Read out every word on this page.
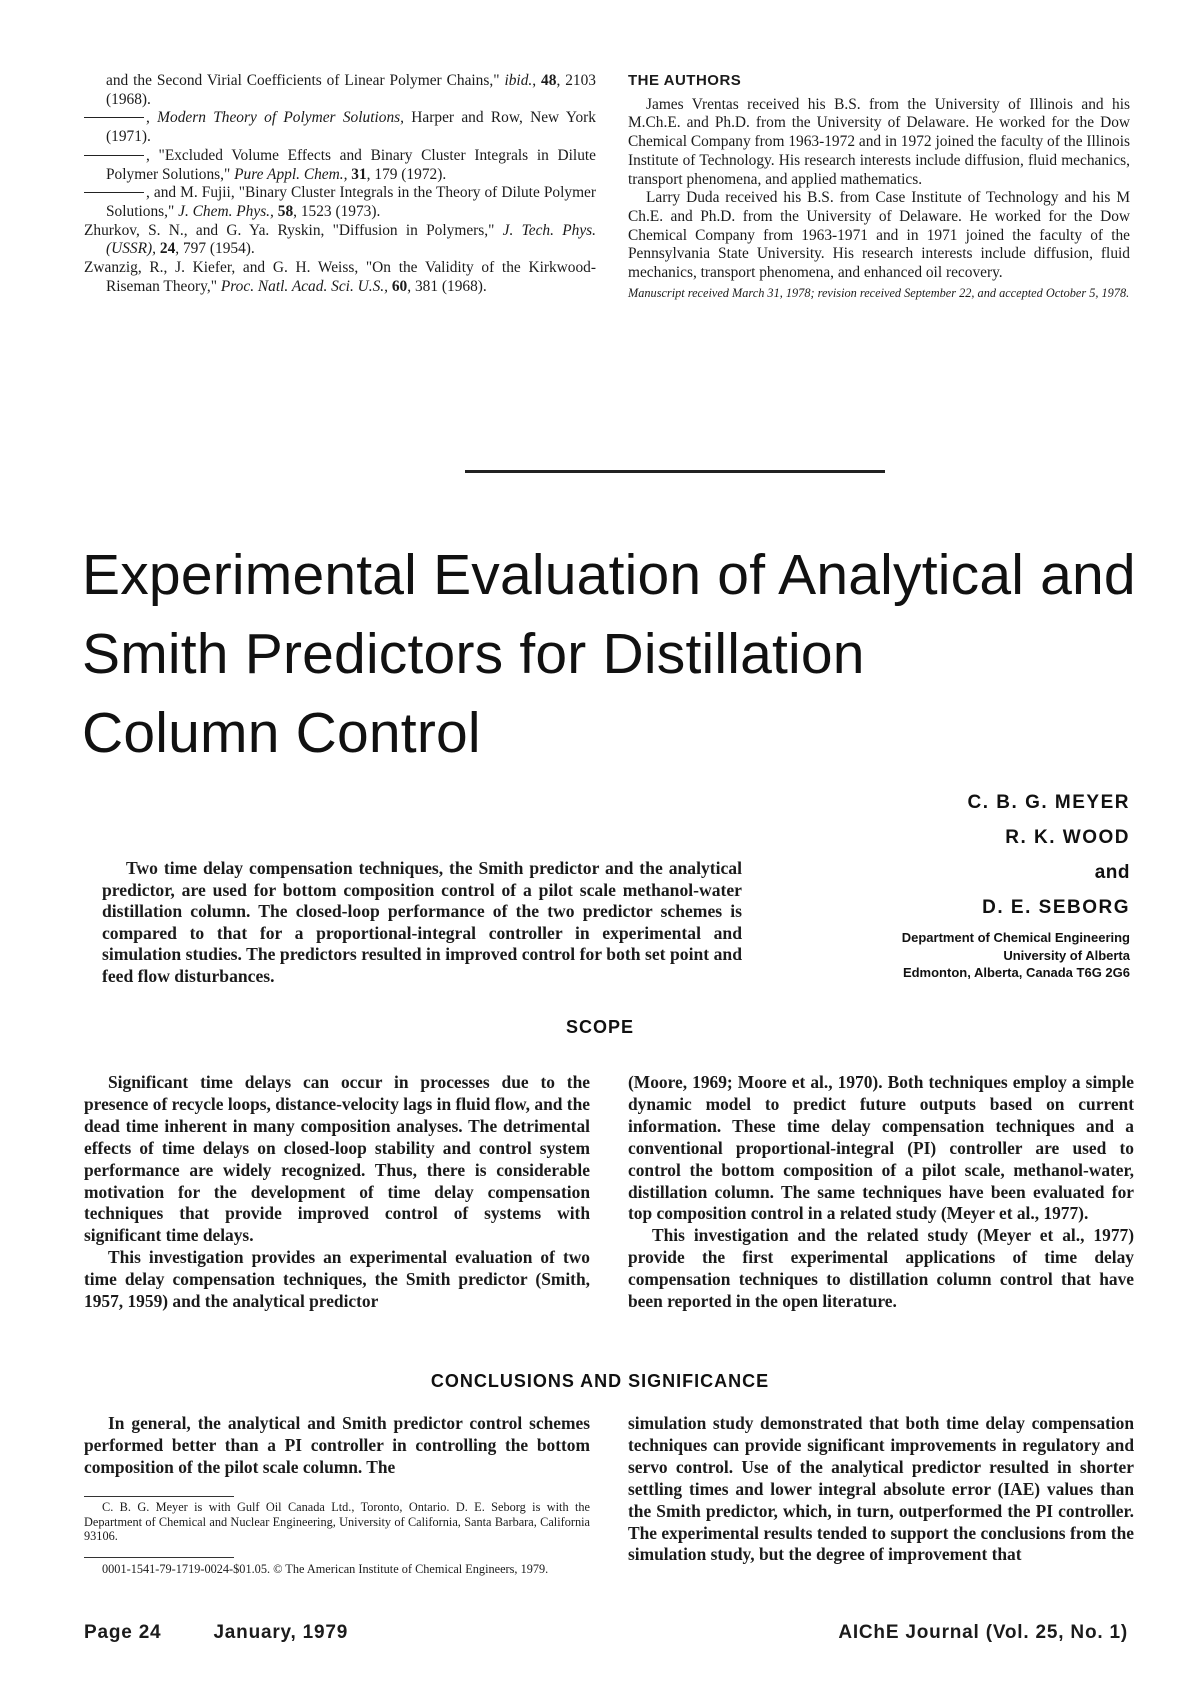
and the Second Virial Coefficients of Linear Polymer Chains," ibid., 48, 2103 (1968).

, Modern Theory of Polymer Solutions, Harper and Row, New York (1971).

, "Excluded Volume Effects and Binary Cluster Integrals in Dilute Polymer Solutions," Pure Appl. Chem., 31, 179 (1972).

, and M. Fujii, "Binary Cluster Integrals in the Theory of Dilute Polymer Solutions," J. Chem. Phys., 58, 1523 (1973).

Zhurkov, S. N., and G. Ya. Ryskin, "Diffusion in Polymers," J. Tech. Phys. (USSR), 24, 797 (1954).

Zwanzig, R., J. Kiefer, and G. H. Weiss, "On the Validity of the Kirkwood-Riseman Theory," Proc. Natl. Acad. Sci. U.S., 60, 381 (1968).

THE AUTHORS

James Vrentas received his B.S. from the University of Illinois and his M.Ch.E. and Ph.D. from the University of Delaware. He worked for the Dow Chemical Company from 1963-1972 and in 1972 joined the faculty of the Illinois Institute of Technology. His research interests include diffusion, fluid mechanics, transport phenomena, and applied mathematics.

Larry Duda received his B.S. from Case Institute of Technology and his M Ch.E. and Ph.D. from the University of Delaware. He worked for the Dow Chemical Company from 1963-1971 and in 1971 joined the faculty of the Pennsylvania State University. His research interests include diffusion, fluid mechanics, transport phenomena, and enhanced oil recovery.

Manuscript received March 31, 1978; revision received September 22, and accepted October 5, 1978.

Experimental Evaluation of Analytical and
Smith Predictors for Distillation
Column Control
C. B. G. MEYER
R. K. WOOD
and
D. E. SEBORG
Department of Chemical Engineering
University of Alberta
Edmonton, Alberta, Canada T6G 2G6

Two time delay compensation techniques, the Smith predictor and the analytical predictor, are used for bottom composition control of a pilot scale methanol-water distillation column. The closed-loop performance of the two predictor schemes is compared to that for a proportional-integral controller in experimental and simulation studies. The predictors resulted in improved control for both set point and feed flow disturbances.

SCOPE

Significant time delays can occur in processes due to the presence of recycle loops, distance-velocity lags in fluid flow, and the dead time inherent in many composition analyses. The detrimental effects of time delays on closed-loop stability and control system performance are widely recognized. Thus, there is considerable motivation for the development of time delay compensation techniques that provide improved control of systems with significant time delays.

This investigation provides an experimental evaluation of two time delay compensation techniques, the Smith predictor (Smith, 1957, 1959) and the analytical predictor

(Moore, 1969; Moore et al., 1970). Both techniques employ a simple dynamic model to predict future outputs based on current information. These time delay compensation techniques and a conventional proportional-integral (PI) controller are used to control the bottom composition of a pilot scale, methanol-water, distillation column. The same techniques have been evaluated for top composition control in a related study (Meyer et al., 1977).

This investigation and the related study (Meyer et al., 1977) provide the first experimental applications of time delay compensation techniques to distillation column control that have been reported in the open literature.

CONCLUSIONS AND SIGNIFICANCE

In general, the analytical and Smith predictor control schemes performed better than a PI controller in controlling the bottom composition of the pilot scale column. The

simulation study demonstrated that both time delay compensation techniques can provide significant improvements in regulatory and servo control. Use of the analytical predictor resulted in shorter settling times and lower integral absolute error (IAE) values than the Smith predictor, which, in turn, outperformed the PI controller. The experimental results tended to support the conclusions from the simulation study, but the degree of improvement that

C. B. G. Meyer is with Gulf Oil Canada Ltd., Toronto, Ontario. D. E. Seborg is with the Department of Chemical and Nuclear Engineering, University of California, Santa Barbara, California 93106.

0001-1541-79-1719-0024-$01.05. © The American Institute of Chemical Engineers, 1979.

Page 24	January, 1979	AIChE Journal (Vol. 25, No. 1)
